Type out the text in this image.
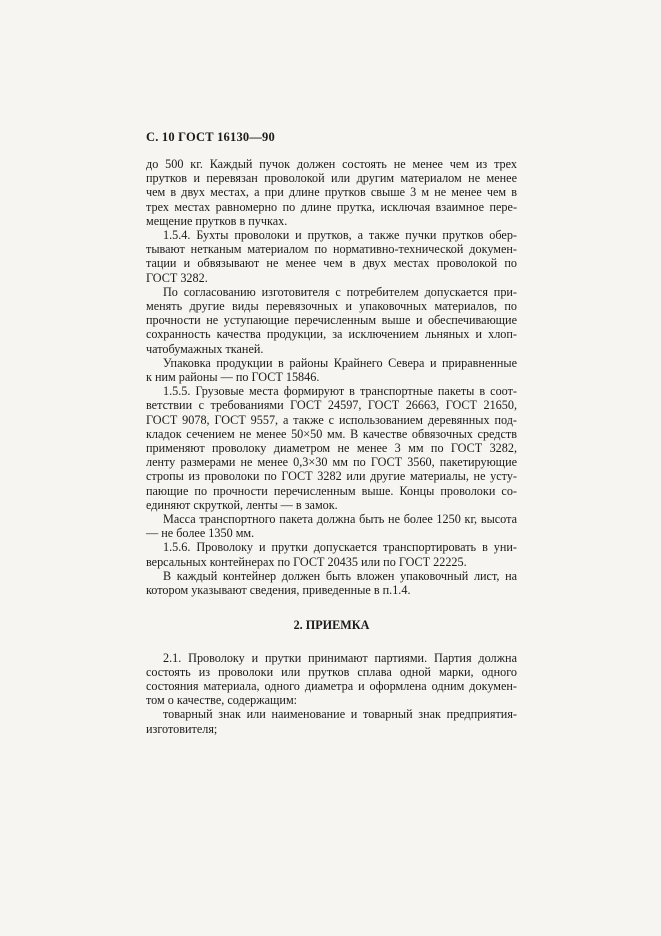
С. 10 ГОСТ 16130—90

до 500 кг. Каждый пучок должен состоять не менее чем из трех
прутков и перевязан проволокой или другим материалом не менее
чем в двух местах, а при длине прутков свыше 3 м не менее чем в
трех местах равномерно по длине прутка, исключая взаимное пере-
мещение прутков в пучках.

1.5.4. Бухты проволоки и прутков, а также пучки прутков обер-
тывают нетканым материалом по нормативно-технической докумен-
тации и обвязывают не менее чем в двух местах проволокой по
ГОСТ 3282.

По согласованию изготовителя с потребителем допускается при-
менять другие виды перевязочных и упаковочных материалов, по
прочности не уступающие перечисленным выше и обеспечивающие
сохранность качества продукции, за исключением льняных и хлоп-
чатобумажных тканей.

Упаковка продукции в районы Крайнего Севера и приравненные
к ним районы — по ГОСТ 15846.

1.5.5. Грузовые места формируют в транспортные пакеты в соот-
ветствии с требованиями ГОСТ 24597, ГОСТ 26663, ГОСТ 21650,
ГОСТ 9078, ГОСТ 9557, а также с использованием деревянных под-
кладок сечением не менее 50×50 мм. В качестве обвязочных средств
применяют проволоку диаметром не менее 3 мм по ГОСТ 3282,
ленту размерами не менее 0,3×30 мм по ГОСТ 3560, пакетирующие
стропы из проволоки по ГОСТ 3282 или другие материалы, не усту-
пающие по прочности перечисленным выше. Концы проволоки со-
единяют скруткой, ленты — в замок.

Масса транспортного пакета должна быть не более 1250 кг, высота
— не более 1350 мм.

1.5.6. Проволоку и прутки допускается транспортировать в уни-
версальных контейнерах по ГОСТ 20435 или по ГОСТ 22225.

В каждый контейнер должен быть вложен упаковочный лист, на
котором указывают сведения, приведенные в п.1.4.

2. ПРИЕМКА

2.1. Проволоку и прутки принимают партиями. Партия должна
состоять из проволоки или прутков сплава одной марки, одного
состояния материала, одного диаметра и оформлена одним докумен-
том о качестве, содержащим:

товарный знак или наименование и товарный знак предприятия-
изготовителя;
